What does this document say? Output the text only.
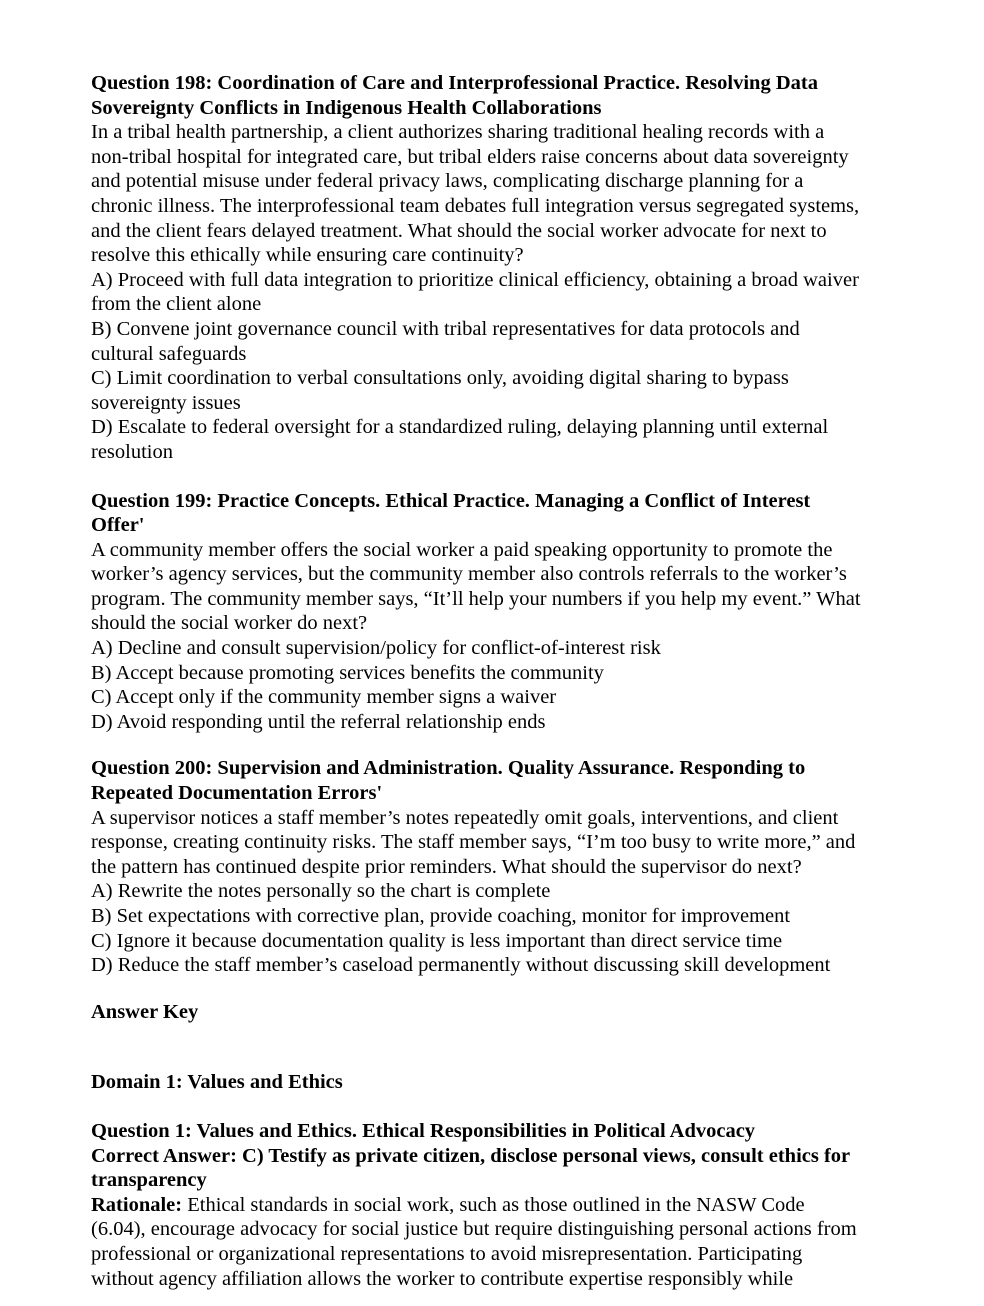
Question 198: Coordination of Care and Interprofessional Practice. Resolving Data
Sovereignty Conflicts in Indigenous Health Collaborations
In a tribal health partnership, a client authorizes sharing traditional healing records with a
non-tribal hospital for integrated care, but tribal elders raise concerns about data sovereignty
and potential misuse under federal privacy laws, complicating discharge planning for a
chronic illness. The interprofessional team debates full integration versus segregated systems,
and the client fears delayed treatment. What should the social worker advocate for next to
resolve this ethically while ensuring care continuity?
A) Proceed with full data integration to prioritize clinical efficiency, obtaining a broad waiver
from the client alone
B) Convene joint governance council with tribal representatives for data protocols and
cultural safeguards
C) Limit coordination to verbal consultations only, avoiding digital sharing to bypass
sovereignty issues
D) Escalate to federal oversight for a standardized ruling, delaying planning until external
resolution
Question 199: Practice Concepts. Ethical Practice. Managing a Conflict of Interest
Offer'
A community member offers the social worker a paid speaking opportunity to promote the
worker’s agency services, but the community member also controls referrals to the worker’s
program. The community member says, “It’ll help your numbers if you help my event.” What
should the social worker do next?
A) Decline and consult supervision/policy for conflict-of-interest risk
B) Accept because promoting services benefits the community
C) Accept only if the community member signs a waiver
D) Avoid responding until the referral relationship ends
Question 200: Supervision and Administration. Quality Assurance. Responding to
Repeated Documentation Errors'
A supervisor notices a staff member’s notes repeatedly omit goals, interventions, and client
response, creating continuity risks. The staff member says, “I’m too busy to write more,” and
the pattern has continued despite prior reminders. What should the supervisor do next?
A) Rewrite the notes personally so the chart is complete
B) Set expectations with corrective plan, provide coaching, monitor for improvement
C) Ignore it because documentation quality is less important than direct service time
D) Reduce the staff member’s caseload permanently without discussing skill development
Answer Key
Domain 1: Values and Ethics
Question 1: Values and Ethics. Ethical Responsibilities in Political Advocacy
Correct Answer: C) Testify as private citizen, disclose personal views, consult ethics for
transparency
Rationale: Ethical standards in social work, such as those outlined in the NASW Code
(6.04), encourage advocacy for social justice but require distinguishing personal actions from
professional or organizational representations to avoid misrepresentation. Participating
without agency affiliation allows the worker to contribute expertise responsibly while
